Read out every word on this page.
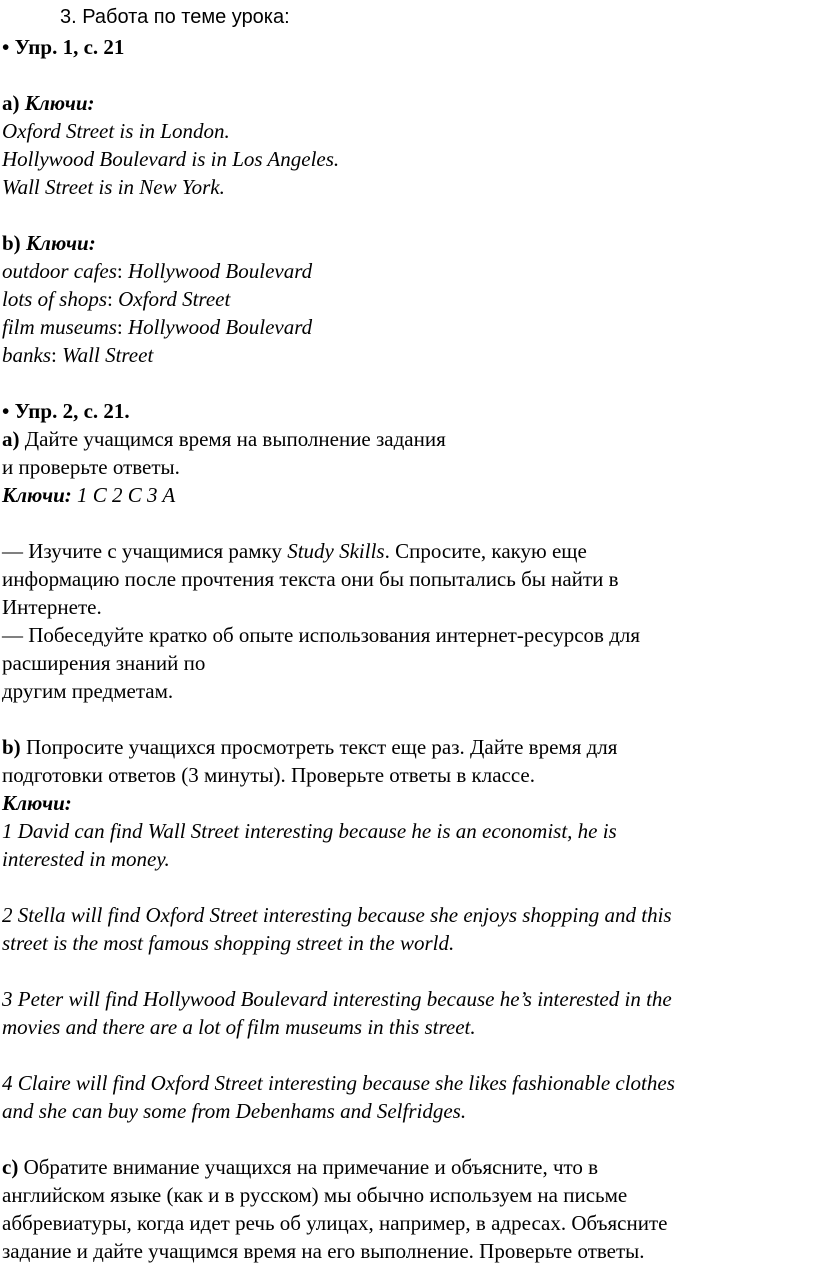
3. Работа по теме урока:
• Упр. 1, с. 21
a) Ключи:
Oxford Street is in London.
Hollywood Boulevard is in Los Angeles.
Wall Street is in New York.
b) Ключи:
outdoor cafes: Hollywood Boulevard
lots of shops: Oxford Street
film museums: Hollywood Boulevard
banks: Wall Street
• Упр. 2, с. 21.
a) Дайте учащимся время на выполнение задания
и проверьте ответы.
Ключи: 1 C 2 C 3 A
— Изучите с учащимися рамку Study Skills. Спросите, какую еще
информацию после прочтения текста они бы попытались бы найти в
Интернете.
— Побеседуйте кратко об опыте использования интернет-ресурсов для
расширения знаний по
другим предметам.
b) Попросите учащихся просмотреть текст еще раз. Дайте время для
подготовки ответов (3 минуты). Проверьте ответы в классе.
Ключи:
1 David can find Wall Street interesting because he is an economist, he is
interested in money.
2 Stella will find Oxford Street interesting because she enjoys shopping and this
street is the most famous shopping street in the world.
3 Peter will find Hollywood Boulevard interesting because he’s interested in the
movies and there are a lot of film museums in this street.
4 Claire will find Oxford Street interesting because she likes fashionable clothes
and she can buy some from Debenhams and Selfridges.
c) Обратите внимание учащихся на примечание и объясните, что в
английском языке (как и в русском) мы обычно используем на письме
аббревиатуры, когда идет речь об улицах, например, в адресах. Объясните
задание и дайте учащимся время на его выполнение. Проверьте ответы.
